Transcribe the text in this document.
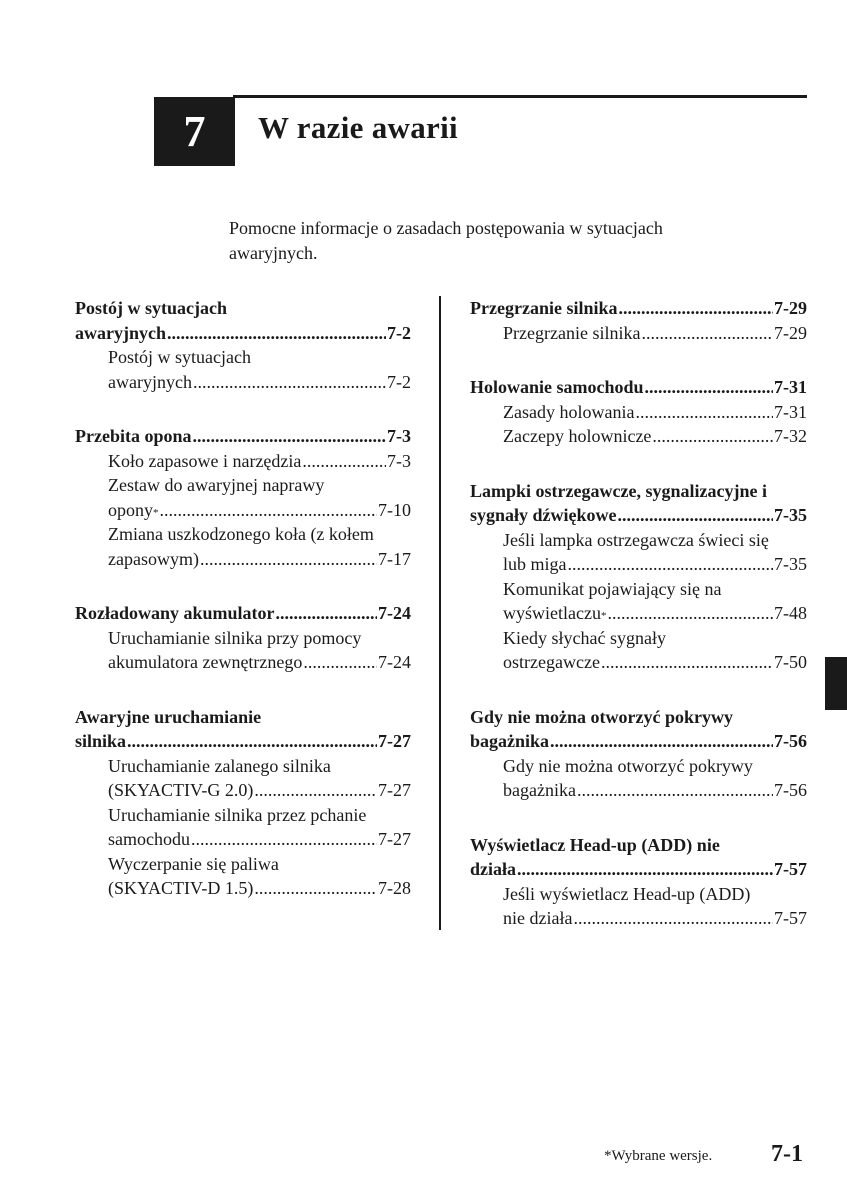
7 W razie awarii
Pomocne informacje o zasadach postępowania w sytuacjach awaryjnych.
Postój w sytuacjach
awaryjnych .....	7-2
Postój w sytuacjach
awaryjnych .....	7-2
Przebita opona .....	7-3
Koło zapasowe i narzędzia .....	7-3
Zestaw do awaryjnej naprawy
opony * .....	7-10
Zmiana uszkodzonego koła (z kołem
zapasowym) .....	7-17
Rozładowany akumulator .....	7-24
Uruchamianie silnika przy pomocy
akumulatora zewnętrznego .....	7-24
Awaryjne uruchamianie
silnika .....	7-27
Uruchamianie zalanego silnika
(SKYACTIV-G 2.0) .....	7-27
Uruchamianie silnika przez pchanie
samochodu .....	7-27
Wyczerpanie się paliwa
(SKYACTIV-D 1.5) .....	7-28
Przegrzanie silnika .....	7-29
Przegrzanie silnika .....	7-29
Holowanie samochodu .....	7-31
Zasady holowania .....	7-31
Zaczepy holownicze .....	7-32
Lampki ostrzegawcze, sygnalizacyjne i
sygnały dźwiękowe .....	7-35
Jeśli lampka ostrzegawcza świeci się
lub miga .....	7-35
Komunikat pojawiający się na
wyświetlaczu * .....	7-48
Kiedy słychać sygnały
ostrzegawcze .....	7-50
Gdy nie można otworzyć pokrywy
bagażnika .....	7-56
Gdy nie można otworzyć pokrywy
bagażnika .....	7-56
Wyświetlacz Head-up (ADD) nie
działa .....	7-57
Jeśli wyświetlacz Head-up (ADD)
nie działa .....	7-57
*Wybrane wersje. 7-1
